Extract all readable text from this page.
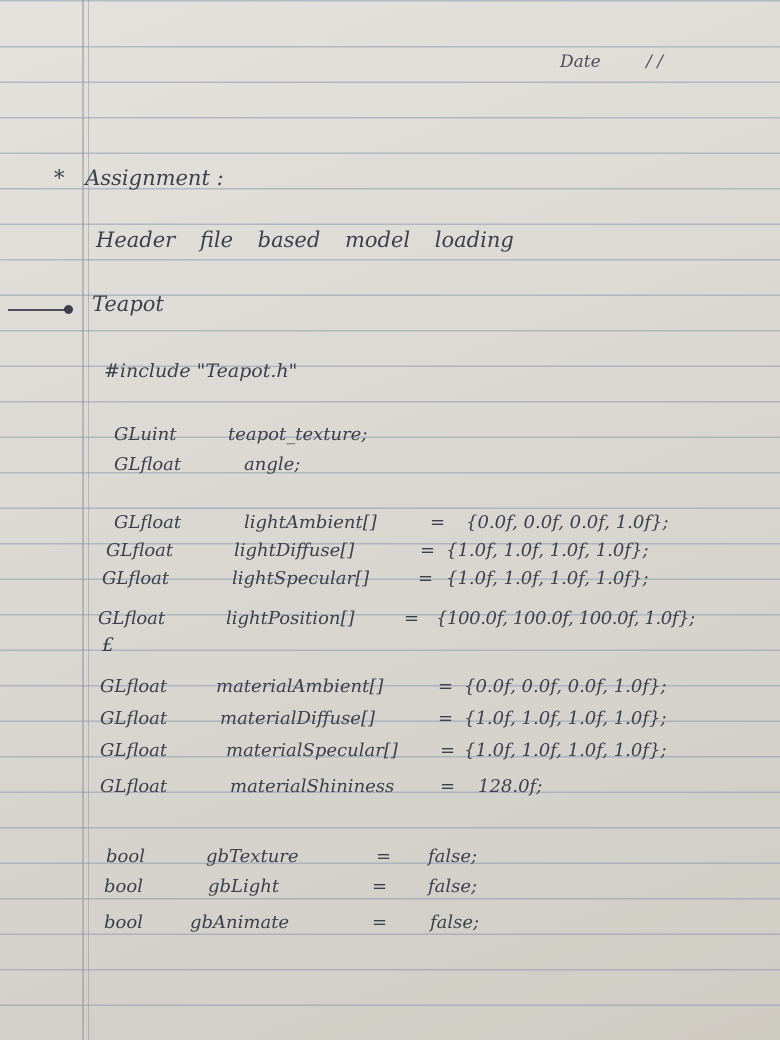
Date	/ /
* Assignment :
Header file based model loading
Teapot
#include "Teapot.h"
GLuint	teapot_texture;
GLfloat	angle;
GLfloat	lightAmbient[]	= {0.0f, 0.0f, 0.0f, 1.0f};
GLfloat	lightDiffuse[]	= {1.0f, 1.0f, 1.0f, 1.0f};
GLfloat	lightSpecular[]	= {1.0f, 1.0f, 1.0f, 1.0f};
GLfloat	lightPosition[]	= {100.0f, 100.0f, 100.0f, 1.0f};
£
GLfloat	materialAmbient[]	= {0.0f, 0.0f, 0.0f, 1.0f};
GLfloat	materialDiffuse[]	= {1.0f, 1.0f, 1.0f, 1.0f};
GLfloat	materialSpecular[] = {1.0f, 1.0f, 1.0f, 1.0f};
GLfloat	materialShininess	= 128.0f;
bool	gbTexture	= false;
bool	gbLight	= false;
bool	gbAnimate	= false;
